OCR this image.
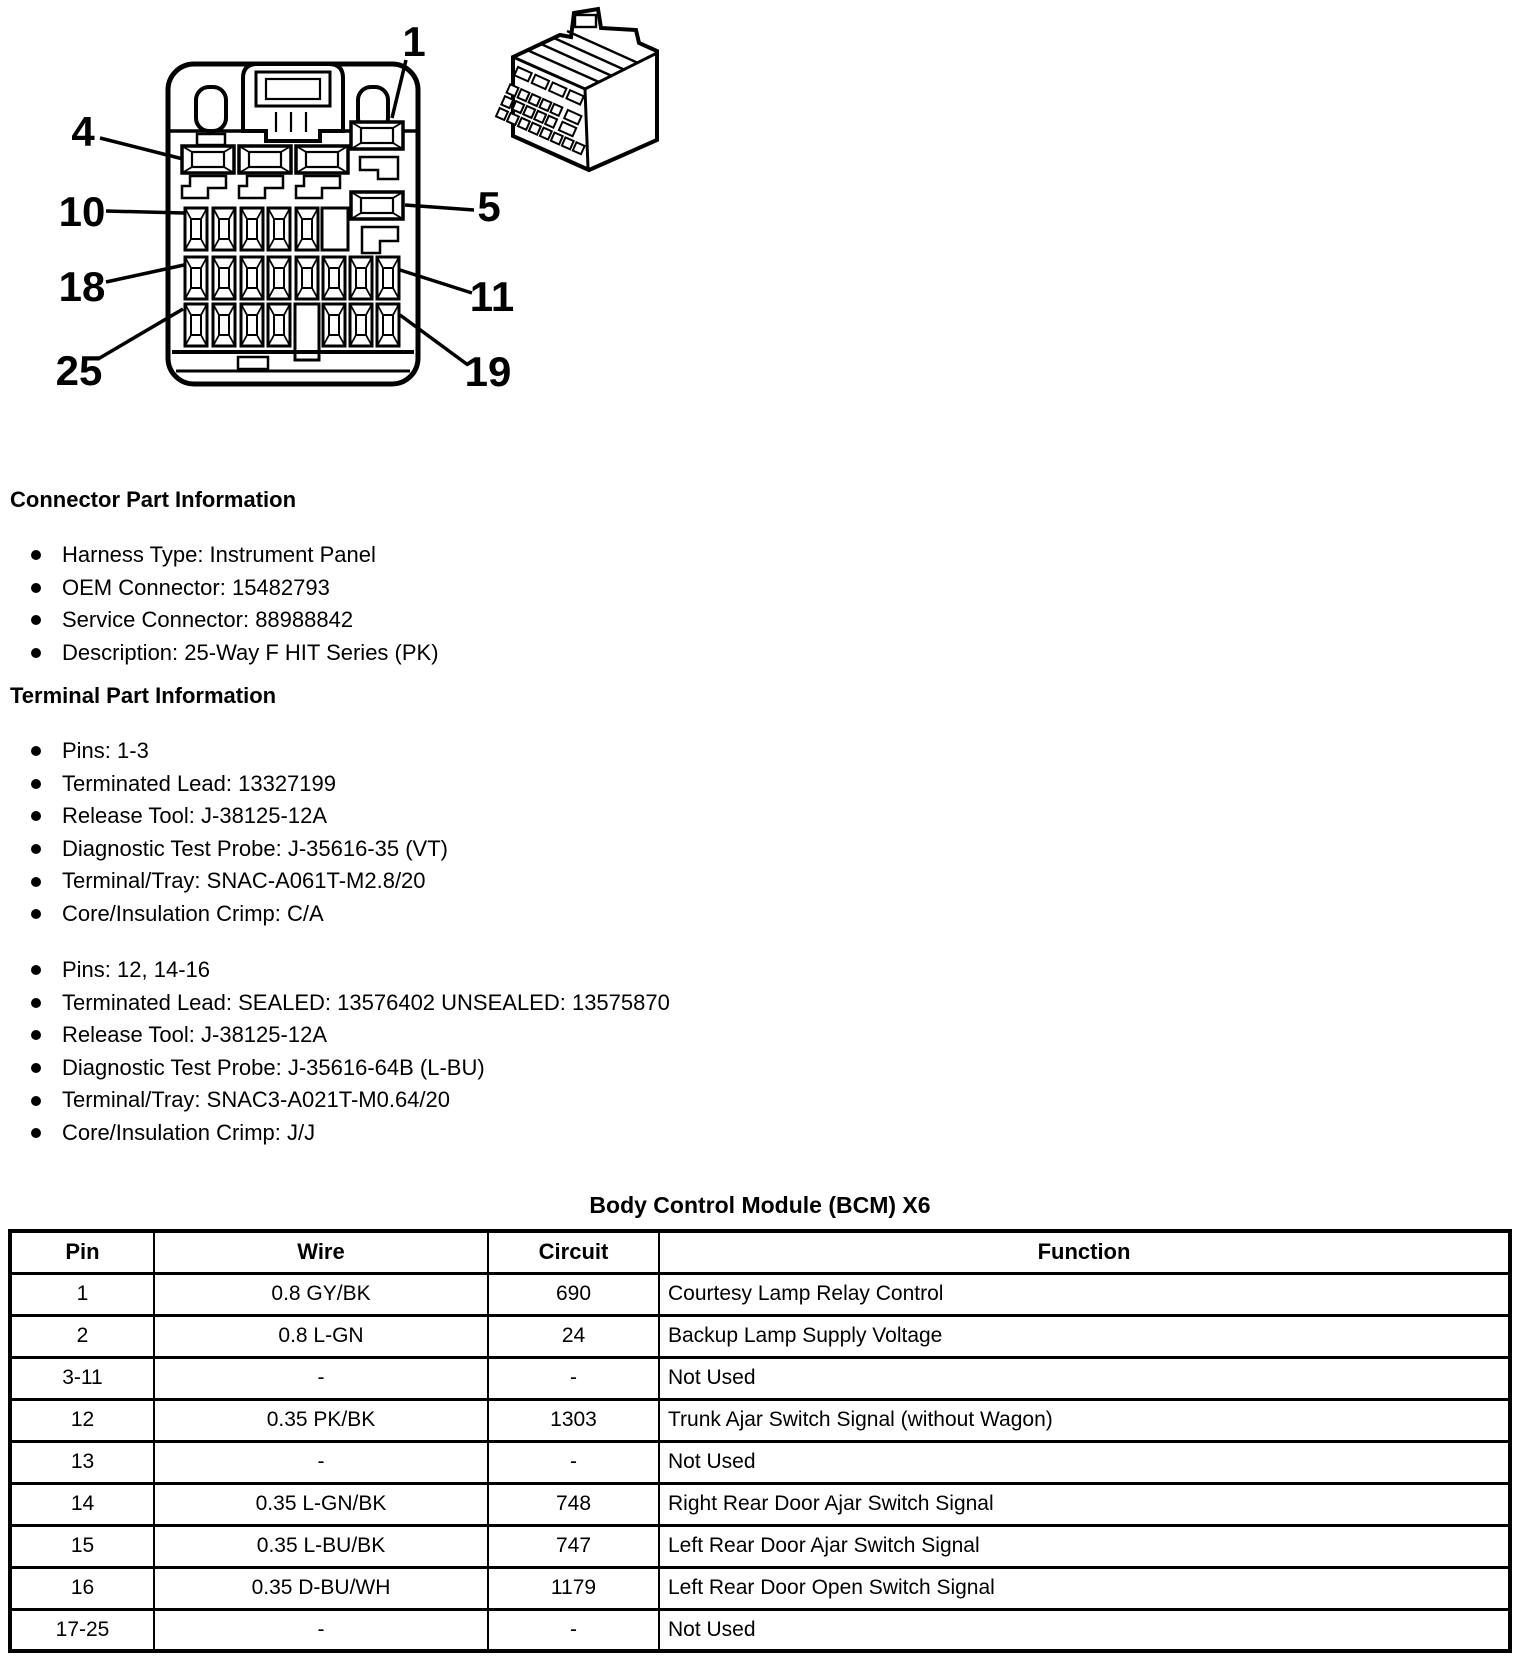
1
4
10
18
25
5
11
19
Connector Part Information
Harness Type: Instrument Panel
OEM Connector: 15482793
Service Connector: 88988842
Description: 25-Way F HIT Series (PK)
Terminal Part Information
Pins: 1-3
Terminated Lead: 13327199
Release Tool: J-38125-12A
Diagnostic Test Probe: J-35616-35 (VT)
Terminal/Tray: SNAC-A061T-M2.8/20
Core/Insulation Crimp: C/A
Pins: 12, 14-16
Terminated Lead: SEALED: 13576402 UNSEALED: 13575870
Release Tool: J-38125-12A
Diagnostic Test Probe: J-35616-64B (L-BU)
Terminal/Tray: SNAC3-A021T-M0.64/20
Core/Insulation Crimp: J/J
Body Control Module (BCM) X6
Pin	Wire	Circuit	Function
1	0.8 GY/BK	690	Courtesy Lamp Relay Control
2	0.8 L-GN	24	Backup Lamp Supply Voltage
3-11	-	-	Not Used
12	0.35 PK/BK	1303	Trunk Ajar Switch Signal (without Wagon)
13	-	-	Not Used
14	0.35 L-GN/BK	748	Right Rear Door Ajar Switch Signal
15	0.35 L-BU/BK	747	Left Rear Door Ajar Switch Signal
16	0.35 D-BU/WH	1179	Left Rear Door Open Switch Signal
17-25	-	-	Not Used
